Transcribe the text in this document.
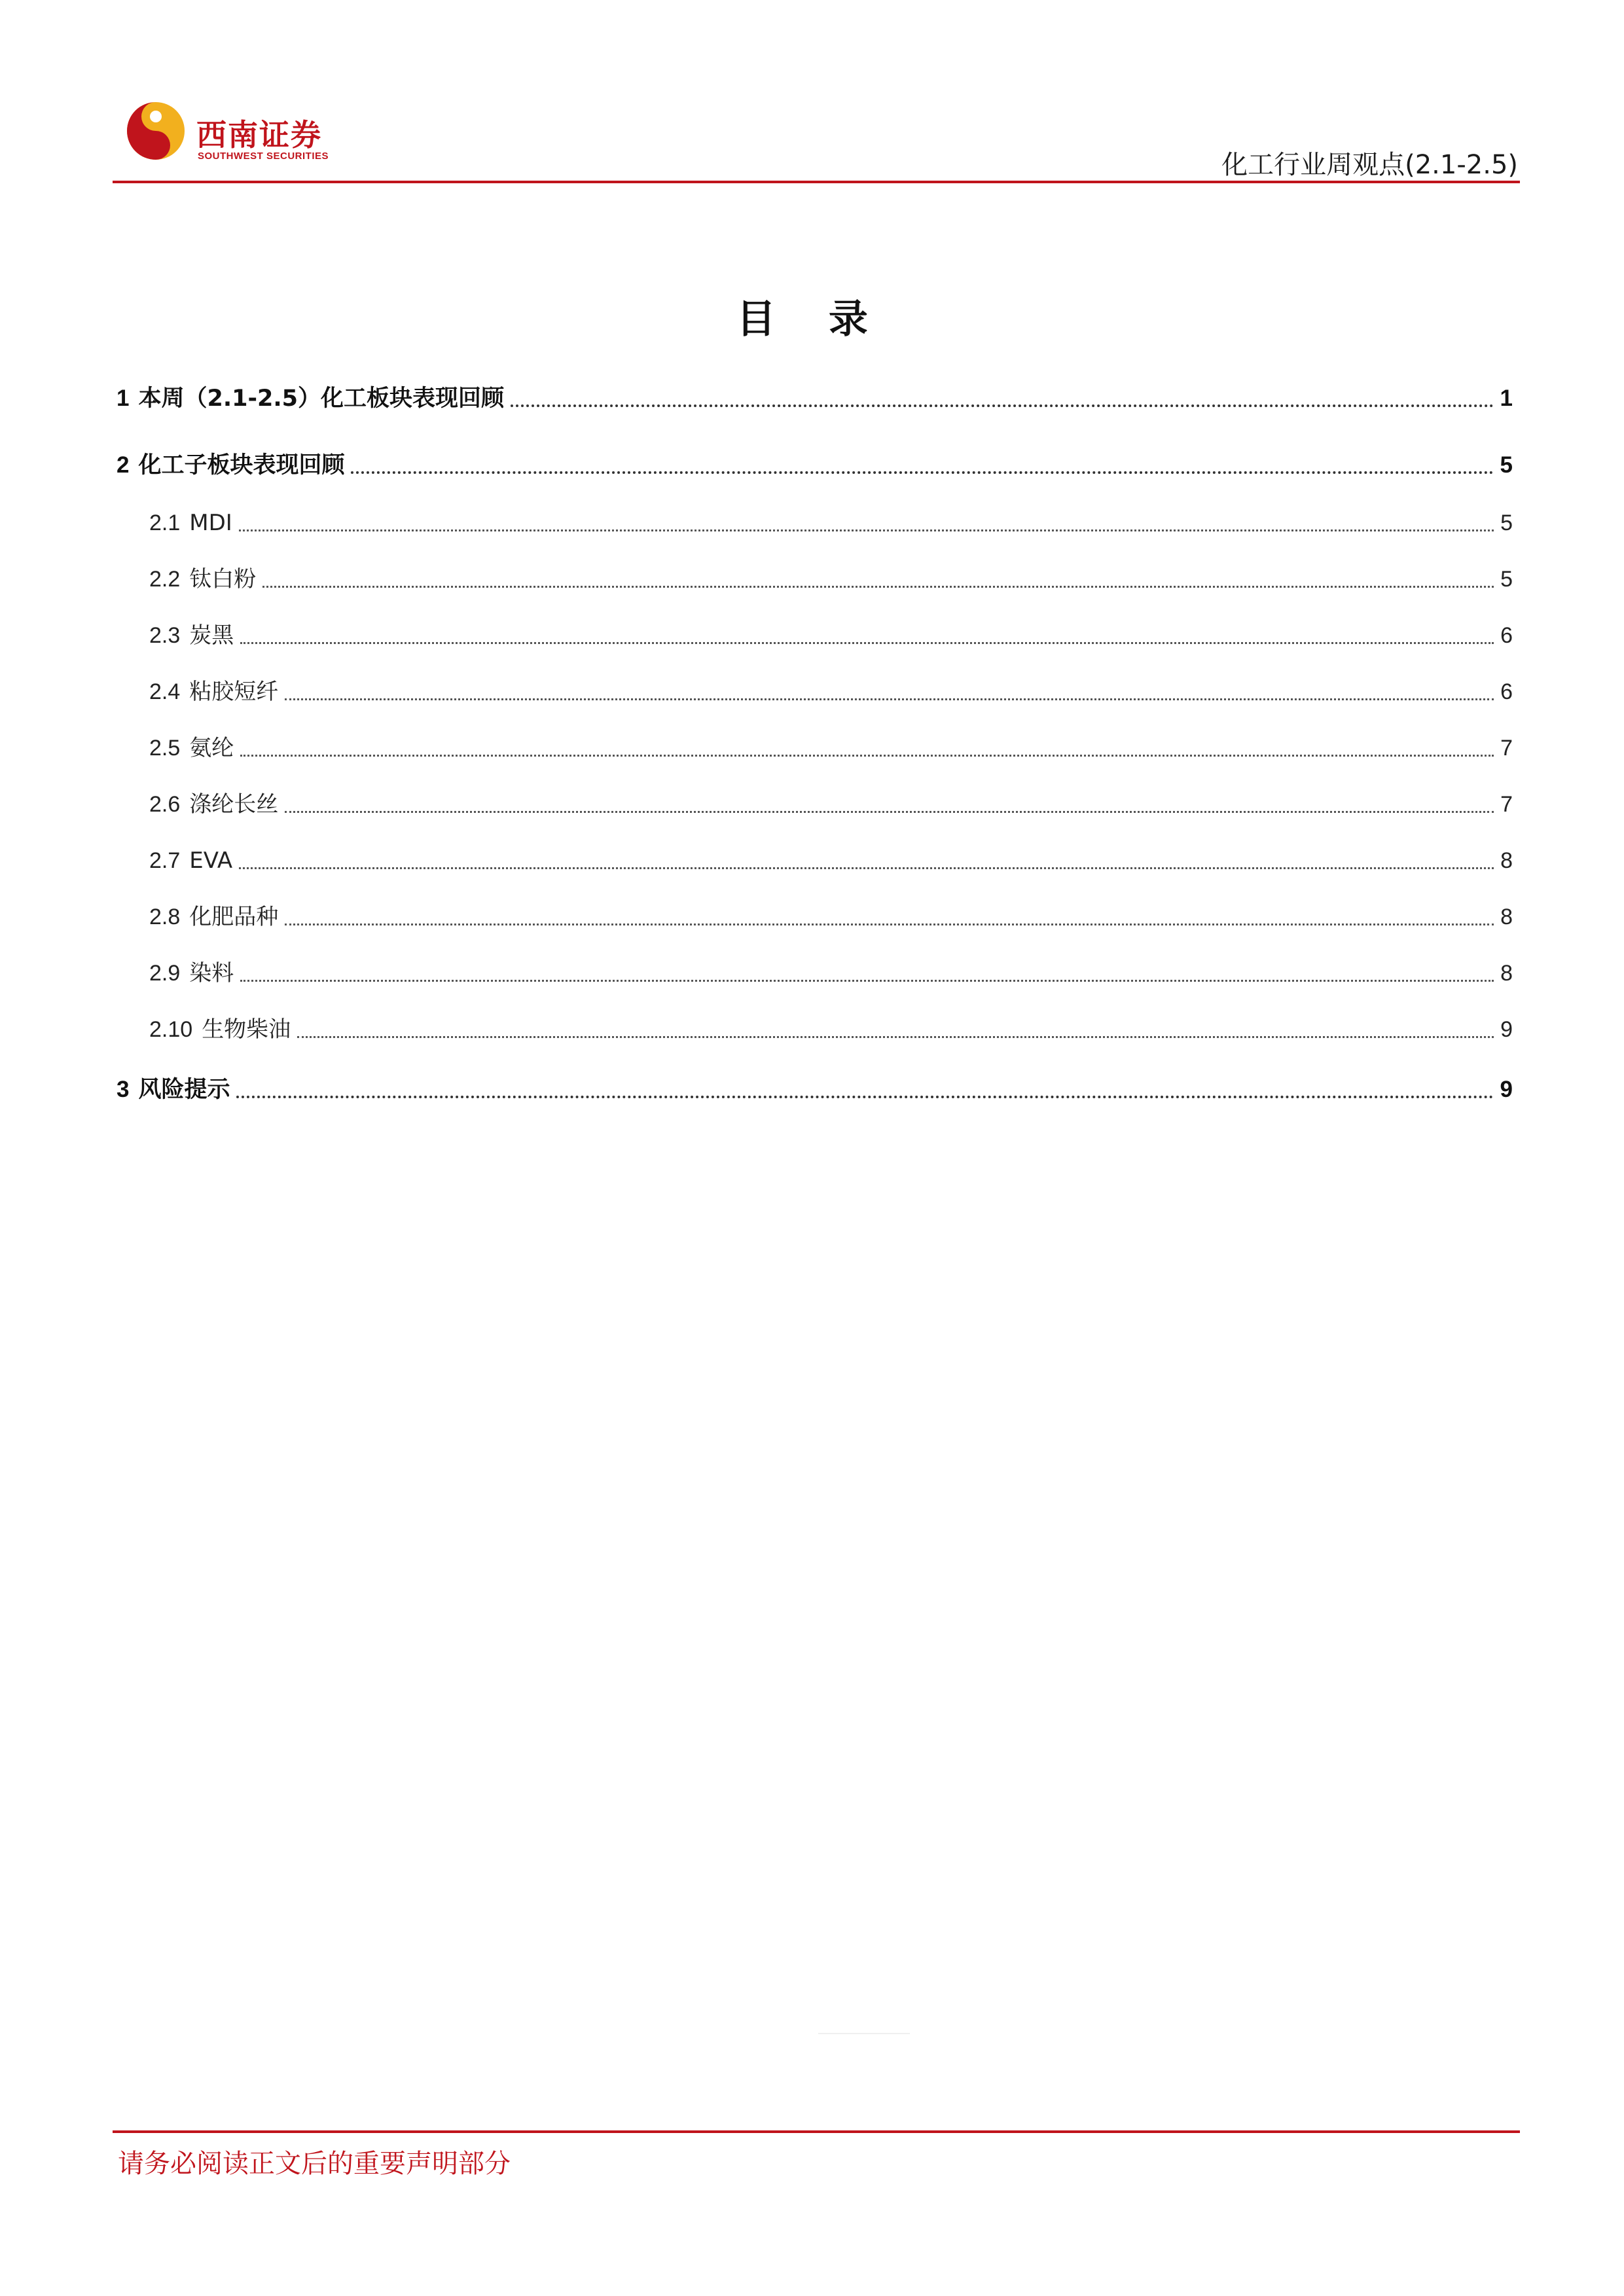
西南证券
SOUTHWEST SECURITIES	化工行业周观点(2.1-2.5)
目 录
1 本周（2.1-2.5）化工板块表现回顾	1
2 化工子板块表现回顾	5
2.1 MDI	5
2.2 钛白粉	5
2.3 炭黑	6
2.4 粘胶短纤	6
2.5 氨纶	7
2.6 涤纶长丝	7
2.7 EVA	8
2.8 化肥品种	8
2.9 染料	8
2.10 生物柴油	9
3 风险提示	9
请务必阅读正文后的重要声明部分
